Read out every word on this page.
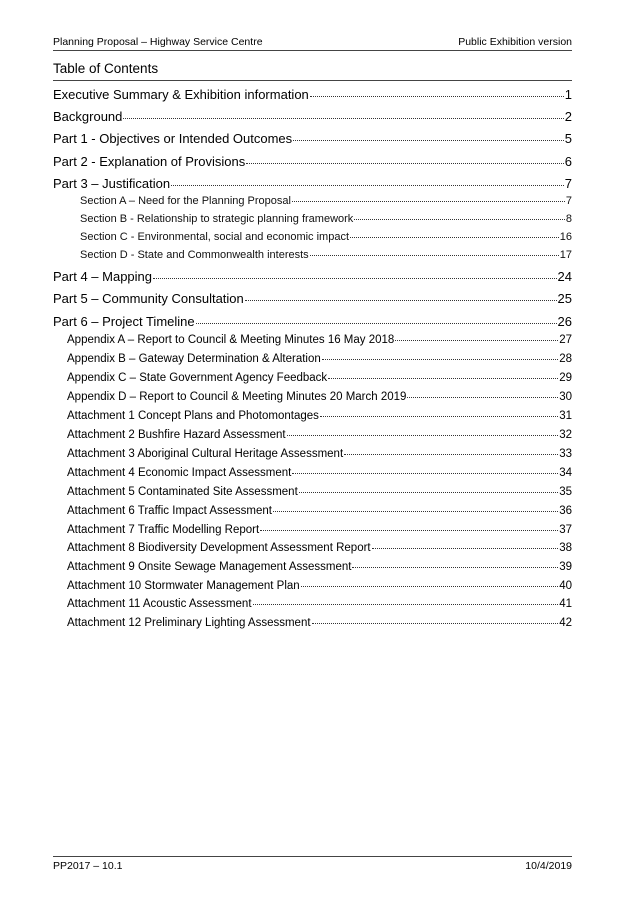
Planning Proposal – Highway Service Centre	Public Exhibition version
Table of Contents
Executive Summary & Exhibition information	1
Background	2
Part 1 - Objectives or Intended Outcomes	5
Part 2 - Explanation of Provisions	6
Part 3 – Justification	7
Section A – Need for the Planning Proposal	7
Section B - Relationship to strategic planning framework	8
Section C - Environmental, social and economic impact	16
Section D - State and Commonwealth interests	17
Part 4 – Mapping	24
Part 5 – Community Consultation	25
Part 6 – Project Timeline	26
Appendix A – Report to Council & Meeting Minutes 16 May 2018	27
Appendix B – Gateway Determination & Alteration	28
Appendix C – State Government Agency Feedback	29
Appendix D – Report to Council & Meeting Minutes 20 March 2019	30
Attachment 1 Concept Plans and Photomontages	31
Attachment 2 Bushfire Hazard Assessment	32
Attachment 3 Aboriginal Cultural Heritage Assessment	33
Attachment 4 Economic Impact Assessment	34
Attachment 5 Contaminated Site Assessment	35
Attachment 6 Traffic Impact Assessment	36
Attachment 7 Traffic Modelling Report	37
Attachment 8 Biodiversity Development Assessment Report	38
Attachment 9 Onsite Sewage Management Assessment	39
Attachment 10 Stormwater Management Plan	40
Attachment 11 Acoustic Assessment	41
Attachment 12 Preliminary Lighting Assessment	42
PP2017 – 10.1	10/4/2019
